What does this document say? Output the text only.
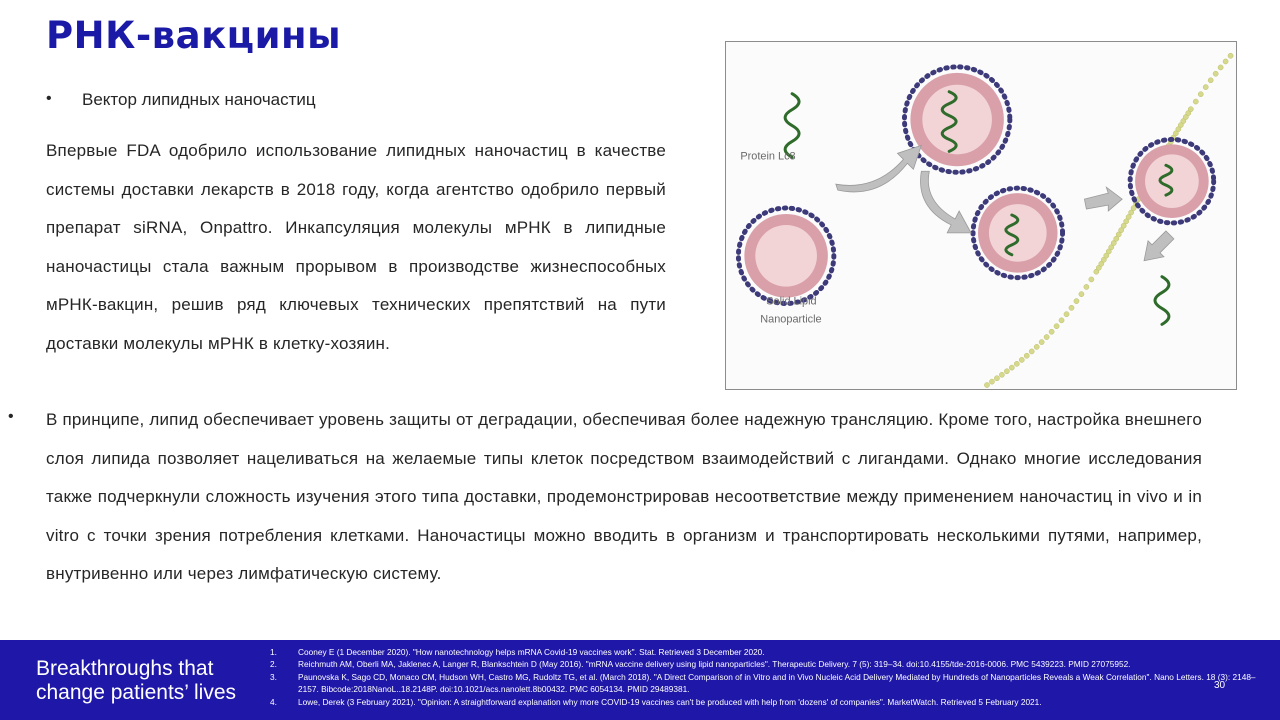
РНК-вакцины
•	Вектор липидных наночастиц

Впервые FDA одобрило использование липидных наночастиц в качестве системы доставки лекарств в 2018 году, когда агентство одобрило первый препарат siRNA, Onpattro. Инкапсуляция молекулы мРНК в липидные наночастицы стала важным прорывом в производстве жизнеспособных мРНК-вакцин, решив ряд ключевых технических препятствий на пути доставки молекулы мРНК в клетку-хозяин.

Protein Lc8
Solid Lipid
Nanoparticle
•	В принципе, липид обеспечивает уровень защиты от деградации, обеспечивая более надежную трансляцию. Кроме того, настройка внешнего слоя липида позволяет нацеливаться на желаемые типы клеток посредством взаимодействий с лигандами. Однако многие исследования также подчеркнули сложность изучения этого типа доставки, продемонстрировав несоответствие между применением наночастиц in vivo и in vitro с точки зрения потребления клетками. Наночастицы можно вводить в организм и транспортировать несколькими путями, например, внутривенно или через лимфатическую систему.

Breakthroughs that
change patients’ lives

1.	Cooney E (1 December 2020). "How nanotechnology helps mRNA Covid-19 vaccines work". Stat. Retrieved 3 December 2020.
2.	Reichmuth AM, Oberli MA, Jaklenec A, Langer R, Blankschtein D (May 2016). "mRNA vaccine delivery using lipid nanoparticles". Therapeutic Delivery. 7 (5): 319–34. doi:10.4155/tde-2016-0006. PMC 5439223. PMID 27075952.
3.	Paunovska K, Sago CD, Monaco CM, Hudson WH, Castro MG, Rudoltz TG, et al. (March 2018). "A Direct Comparison of in Vitro and in Vivo Nucleic Acid Delivery Mediated by Hundreds of Nanoparticles Reveals a Weak Correlation". Nano Letters. 18 (3): 2148–2157. Bibcode:2018NanoL..18.2148P. doi:10.1021/acs.nanolett.8b00432. PMC 6054134. PMID 29489381.
4.	Lowe, Derek (3 February 2021). "Opinion: A straightforward explanation why more COVID-19 vaccines can't be produced with help from 'dozens' of companies". MarketWatch. Retrieved 5 February 2021.
30
